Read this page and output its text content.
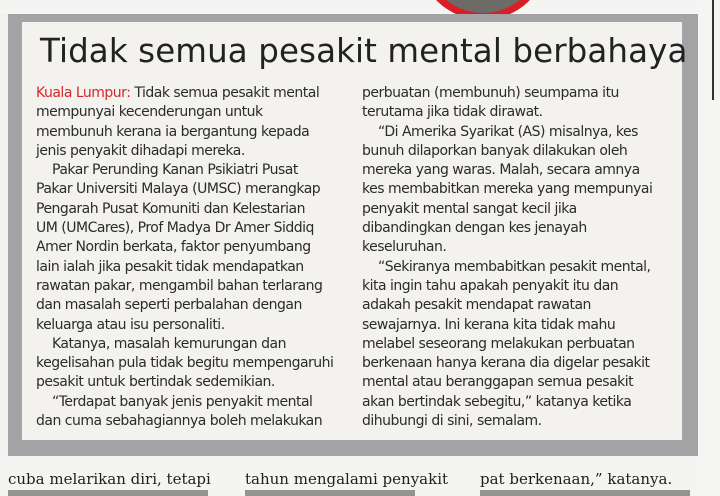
Tidak semua pesakit mental berbahaya

Kuala Lumpur: Tidak semua pesakit mental
mempunyai kecenderungan untuk
membunuh kerana ia bergantung kepada
jenis penyakit dihadapi mereka.

Pakar Perunding Kanan Psikiatri Pusat
Pakar Universiti Malaya (UMSC) merangkap
Pengarah Pusat Komuniti dan Kelestarian
UM (UMCares), Prof Madya Dr Amer Siddiq
Amer Nordin berkata, faktor penyumbang
lain ialah jika pesakit tidak mendapatkan
rawatan pakar, mengambil bahan terlarang
dan masalah seperti perbalahan dengan
keluarga atau isu personaliti.

Katanya, masalah kemurungan dan
kegelisahan pula tidak begitu mempengaruhi
pesakit untuk bertindak sedemikian.

“Terdapat banyak jenis penyakit mental
dan cuma sebahagiannya boleh melakukan

perbuatan (membunuh) seumpama itu
terutama jika tidak dirawat.

“Di Amerika Syarikat (AS) misalnya, kes
bunuh dilaporkan banyak dilakukan oleh
mereka yang waras. Malah, secara amnya
kes membabitkan mereka yang mempunyai
penyakit mental sangat kecil jika
dibandingkan dengan kes jenayah
keseluruhan.

“Sekiranya membabitkan pesakit mental,
kita ingin tahu apakah penyakit itu dan
adakah pesakit mendapat rawatan
sewajarnya. Ini kerana kita tidak mahu
melabel seseorang melakukan perbuatan
berkenaan hanya kerana dia digelar pesakit
mental atau beranggapan semua pesakit
akan bertindak sebegitu,” katanya ketika
dihubungi di sini, semalam.

cuba melarikan diri, tetapi tahun mengalami penyakit pat berkenaan,” katanya.
